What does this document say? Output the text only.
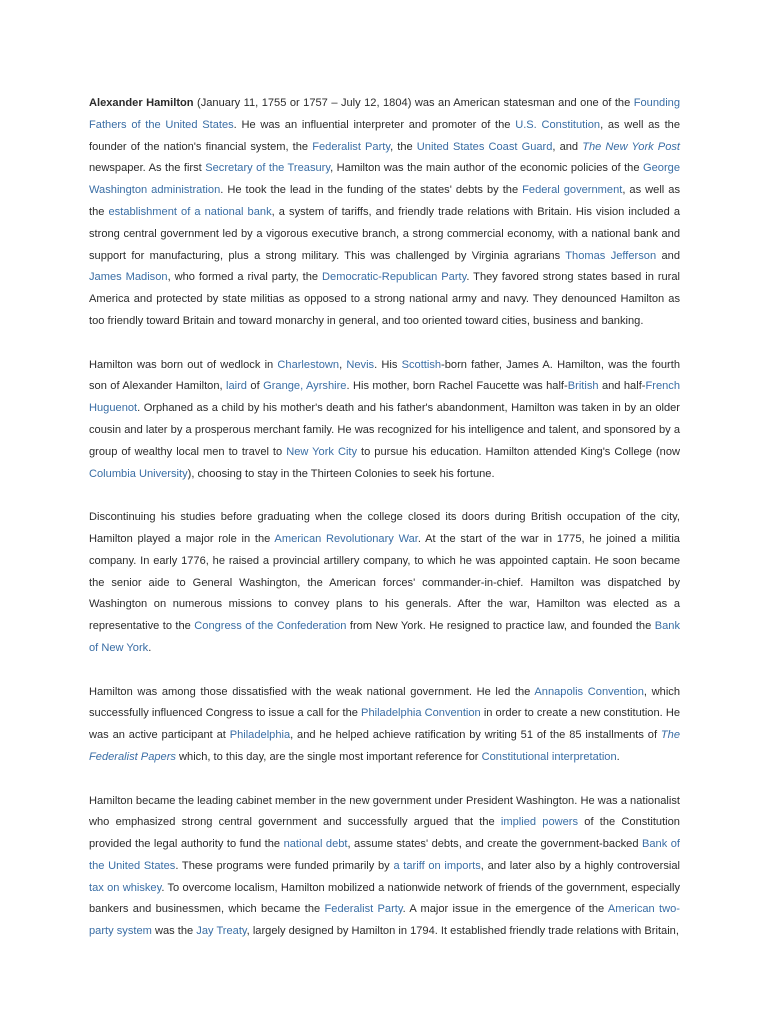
Alexander Hamilton (January 11, 1755 or 1757 – July 12, 1804) was an American statesman and one of the Founding Fathers of the United States. He was an influential interpreter and promoter of the U.S. Constitution, as well as the founder of the nation's financial system, the Federalist Party, the United States Coast Guard, and The New York Post newspaper. As the first Secretary of the Treasury, Hamilton was the main author of the economic policies of the George Washington administration. He took the lead in the funding of the states' debts by the Federal government, as well as the establishment of a national bank, a system of tariffs, and friendly trade relations with Britain. His vision included a strong central government led by a vigorous executive branch, a strong commercial economy, with a national bank and support for manufacturing, plus a strong military. This was challenged by Virginia agrarians Thomas Jefferson and James Madison, who formed a rival party, the Democratic-Republican Party. They favored strong states based in rural America and protected by state militias as opposed to a strong national army and navy. They denounced Hamilton as too friendly toward Britain and toward monarchy in general, and too oriented toward cities, business and banking.

Hamilton was born out of wedlock in Charlestown, Nevis. His Scottish-born father, James A. Hamilton, was the fourth son of Alexander Hamilton, laird of Grange, Ayrshire. His mother, born Rachel Faucette was half-British and half-French Huguenot. Orphaned as a child by his mother's death and his father's abandonment, Hamilton was taken in by an older cousin and later by a prosperous merchant family. He was recognized for his intelligence and talent, and sponsored by a group of wealthy local men to travel to New York City to pursue his education. Hamilton attended King's College (now Columbia University), choosing to stay in the Thirteen Colonies to seek his fortune.

Discontinuing his studies before graduating when the college closed its doors during British occupation of the city, Hamilton played a major role in the American Revolutionary War. At the start of the war in 1775, he joined a militia company. In early 1776, he raised a provincial artillery company, to which he was appointed captain. He soon became the senior aide to General Washington, the American forces' commander-in-chief. Hamilton was dispatched by Washington on numerous missions to convey plans to his generals. After the war, Hamilton was elected as a representative to the Congress of the Confederation from New York. He resigned to practice law, and founded the Bank of New York.

Hamilton was among those dissatisfied with the weak national government. He led the Annapolis Convention, which successfully influenced Congress to issue a call for the Philadelphia Convention in order to create a new constitution. He was an active participant at Philadelphia, and he helped achieve ratification by writing 51 of the 85 installments of The Federalist Papers which, to this day, are the single most important reference for Constitutional interpretation.

Hamilton became the leading cabinet member in the new government under President Washington. He was a nationalist who emphasized strong central government and successfully argued that the implied powers of the Constitution provided the legal authority to fund the national debt, assume states' debts, and create the government-backed Bank of the United States. These programs were funded primarily by a tariff on imports, and later also by a highly controversial tax on whiskey. To overcome localism, Hamilton mobilized a nationwide network of friends of the government, especially bankers and businessmen, which became the Federalist Party. A major issue in the emergence of the American two-party system was the Jay Treaty, largely designed by Hamilton in 1794. It established friendly trade relations with Britain,
